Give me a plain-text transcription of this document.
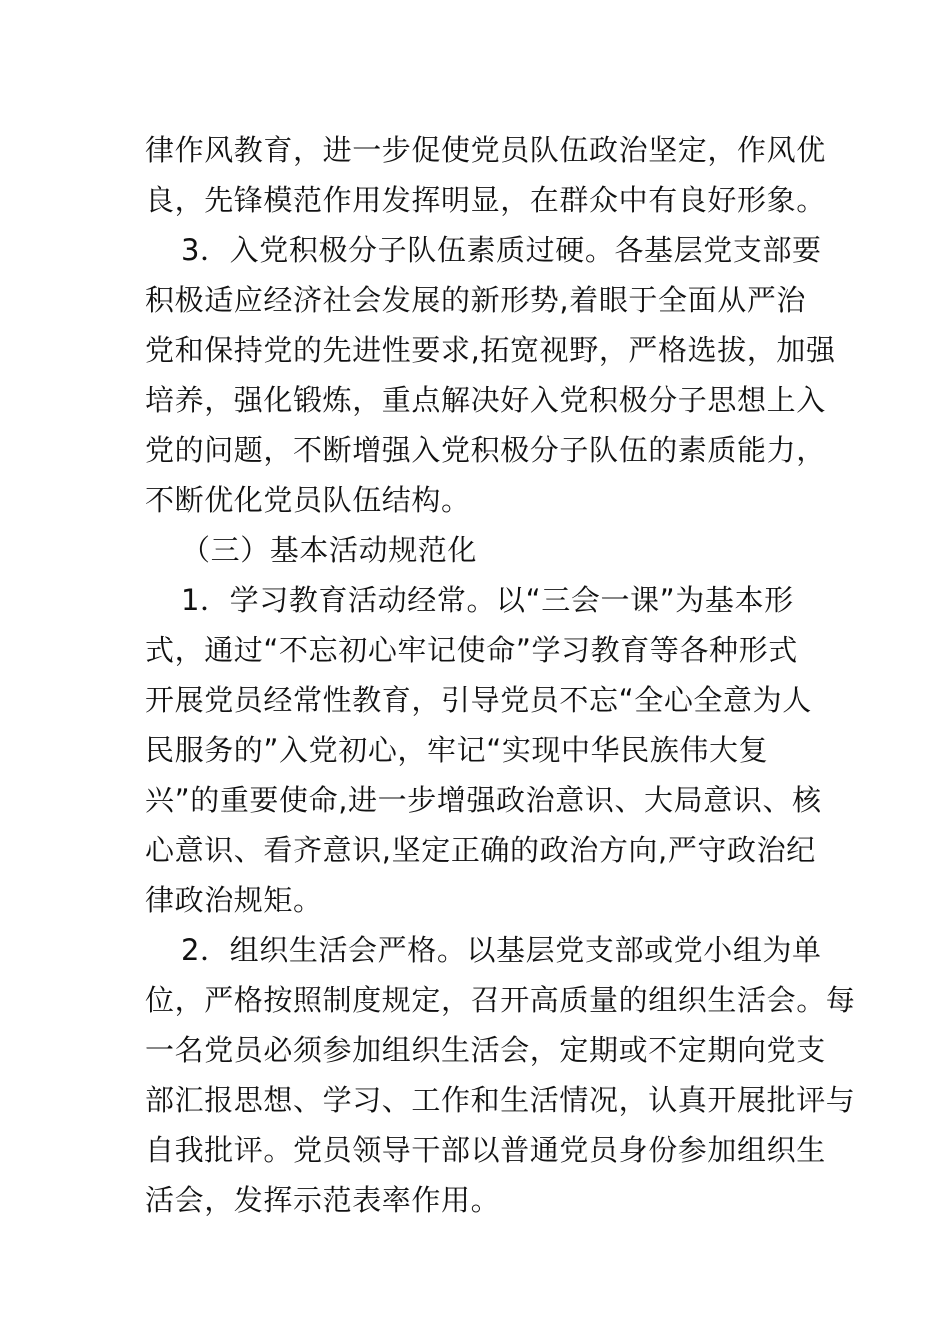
律作风教育，进一步促使党员队伍政治坚定，作风优
良，先锋模范作用发挥明显，在群众中有良好形象。
3．入党积极分子队伍素质过硬。各基层党支部要
积极适应经济社会发展的新形势,着眼于全面从严治
党和保持党的先进性要求,拓宽视野，严格选拔，加强
培养，强化锻炼，重点解决好入党积极分子思想上入
党的问题，不断增强入党积极分子队伍的素质能力，
不断优化党员队伍结构。
（三）基本活动规范化
1．学习教育活动经常。以“三会一课”为基本形
式，通过“不忘初心牢记使命”学习教育等各种形式
开展党员经常性教育，引导党员不忘“全心全意为人
民服务的”入党初心，牢记“实现中华民族伟大复
兴”的重要使命,进一步增强政治意识、大局意识、核
心意识、看齐意识,坚定正确的政治方向,严守政治纪
律政治规矩。
2．组织生活会严格。以基层党支部或党小组为单
位，严格按照制度规定，召开高质量的组织生活会。每
一名党员必须参加组织生活会，定期或不定期向党支
部汇报思想、学习、工作和生活情况，认真开展批评与
自我批评。党员领导干部以普通党员身份参加组织生
活会，发挥示范表率作用。
